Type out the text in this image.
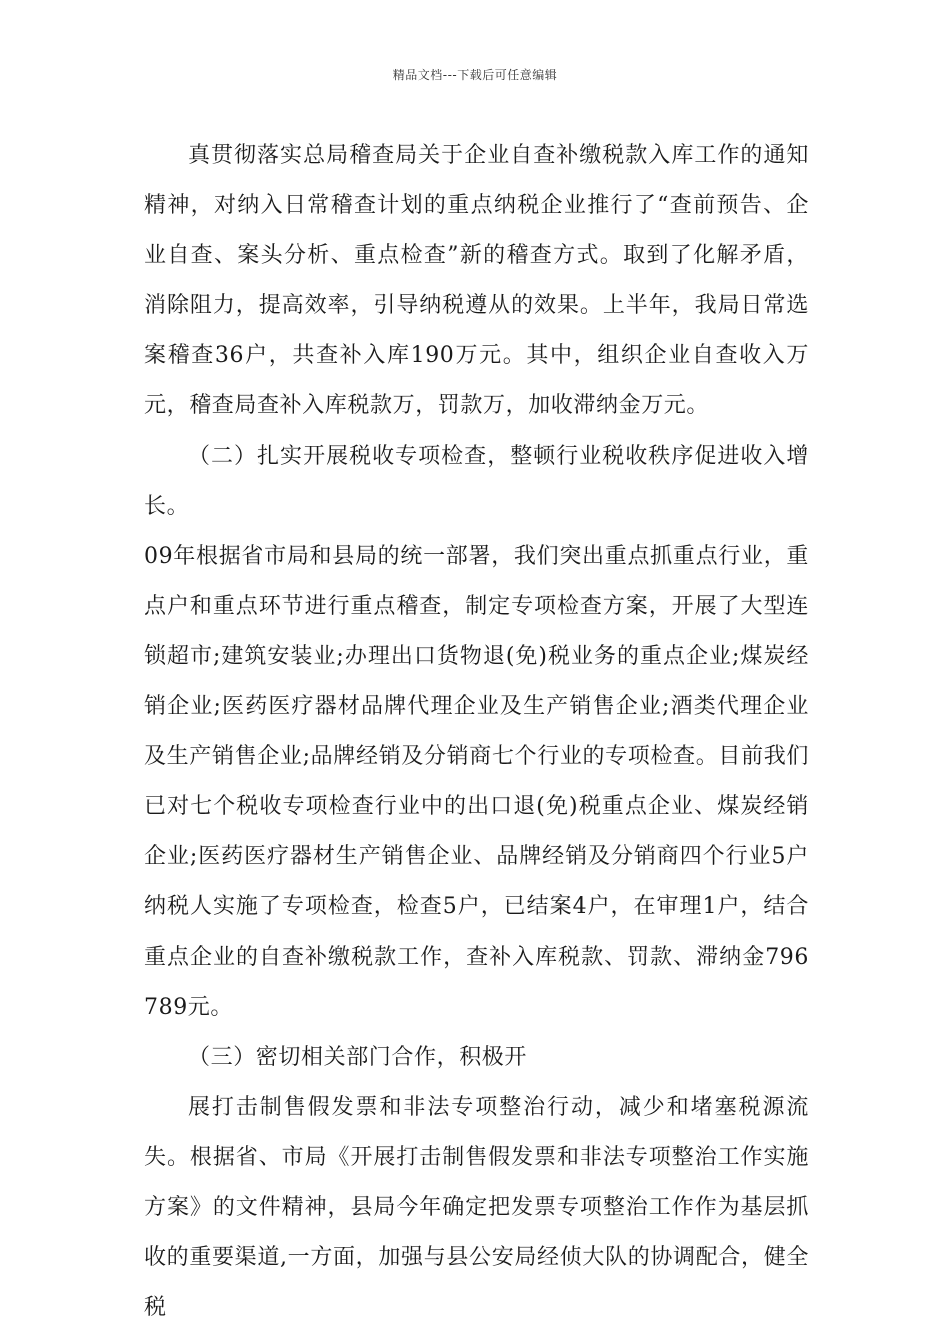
精品文档---下载后可任意编辑

真贯彻落实总局稽查局关于企业自查补缴税款入库工作的通知精神，对纳入日常稽查计划的重点纳税企业推行了“查前预告、企业自查、案头分析、重点检查”新的稽查方式。取到了化解矛盾，消除阻力，提高效率，引导纳税遵从的效果。上半年，我局日常选案稽查36户，共查补入库190万元。其中，组织企业自查收入万元，稽查局查补入库税款万，罚款万，加收滞纳金万元。

（二）扎实开展税收专项检查，整顿行业税收秩序促进收入增长。

09年根据省市局和县局的统一部署，我们突出重点抓重点行业，重点户和重点环节进行重点稽查，制定专项检查方案，开展了大型连锁超市;建筑安装业;办理出口货物退(免)税业务的重点企业;煤炭经销企业;医药医疗器材品牌代理企业及生产销售企业;酒类代理企业及生产销售企业;品牌经销及分销商七个行业的专项检查。目前我们已对七个税收专项检查行业中的出口退(免)税重点企业、煤炭经销企业;医药医疗器材生产销售企业、品牌经销及分销商四个行业5户纳税人实施了专项检查，检查5户，已结案4户，在审理1户，结合重点企业的自查补缴税款工作，查补入库税款、罚款、滞纳金796789元。

（三）密切相关部门合作，积极开

展打击制售假发票和非法专项整治行动，减少和堵塞税源流失。根据省、市局《开展打击制售假发票和非法专项整治工作实施方案》的文件精神，县局今年确定把发票专项整治工作作为基层抓收的重要渠道,一方面，加强与县公安局经侦大队的协调配合，健全税
